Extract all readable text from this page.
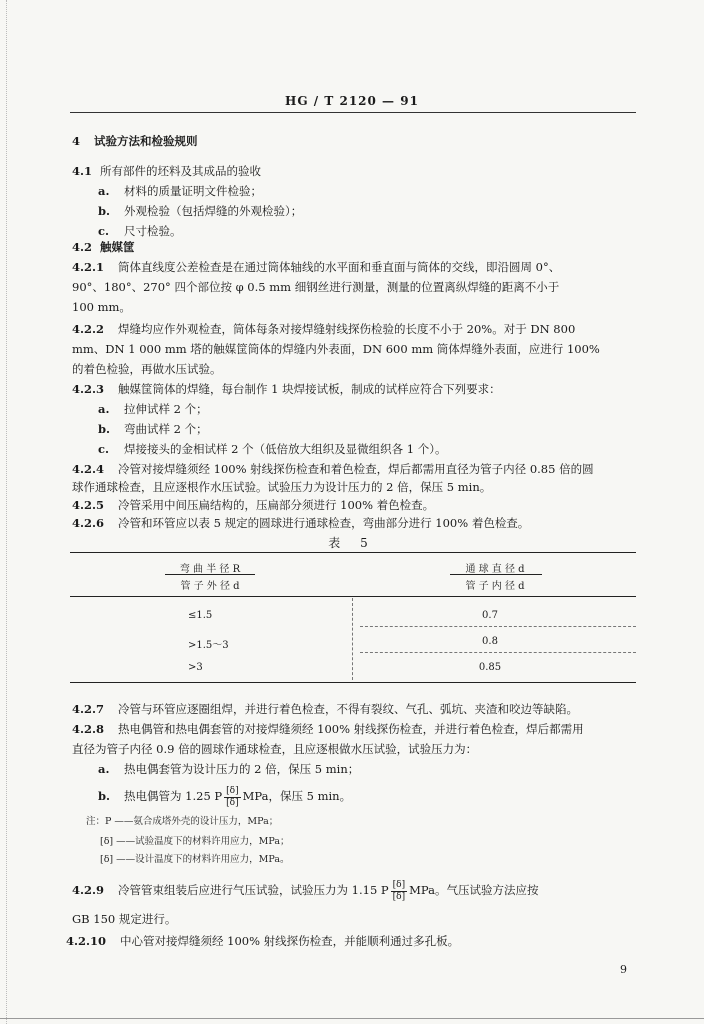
HG / T 2120 — 91
4 试验方法和检验规则
4.1 所有部件的坯料及其成品的验收
a. 材料的质量证明文件检验；
b. 外观检验（包括焊缝的外观检验）；
c. 尺寸检验。
4.2 触媒筐
4.2.1 筒体直线度公差检查是在通过筒体轴线的水平面和垂直面与筒体的交线，即沿圆周 0°、
90°、180°、270° 四个部位按 φ 0.5 mm 细钢丝进行测量，测量的位置离纵焊缝的距离不小于
100 mm。
4.2.2 焊缝均应作外观检查，筒体每条对接焊缝射线探伤检验的长度不小于 20%。对于 DN 800
mm、DN 1 000 mm 塔的触媒筐筒体的焊缝内外表面，DN 600 mm 筒体焊缝外表面，应进行 100%
的着色检验，再做水压试验。
4.2.3 触媒筐筒体的焊缝，每台制作 1 块焊接试板，制成的试样应符合下列要求：
a. 拉伸试样 2 个；
b. 弯曲试样 2 个；
c. 焊接接头的金相试样 2 个（低倍放大组织及显微组织各 1 个）。
4.2.4 冷管对接焊缝须经 100% 射线探伤检查和着色检查，焊后都需用直径为管子内径 0.85 倍的圆
球作通球检查，且应逐根作水压试验。试验压力为设计压力的 2 倍，保压 5 min。
4.2.5 冷管采用中间压扁结构的，压扁部分须进行 100% 着色检查。
4.2.6 冷管和环管应以表 5 规定的圆球进行通球检查，弯曲部分进行 100% 着色检查。
表 5
弯 曲 半 径 R
管 子 外 径 d
通 球 直 径 d
管 子 内 径 d
≤1.5	0.7
>1.5～3	0.8
>3	0.85
4.2.7 冷管与环管应逐圈组焊，并进行着色检查，不得有裂纹、气孔、弧坑、夹渣和咬边等缺陷。
4.2.8 热电偶管和热电偶套管的对接焊缝须经 100% 射线探伤检查，并进行着色检查，焊后都需用
直径为管子内径 0.9 倍的圆球作通球检查，且应逐根做水压试验，试验压力为：
a. 热电偶套管为设计压力的 2 倍，保压 5 min；
b. 热电偶管为 1.25 P $\frac{[\delta]}{[\delta]}$ MPa，保压 5 min。
注：P ——氨合成塔外壳的设计压力，MPa；
[δ] ——试验温度下的材料许用应力，MPa；
[δ] ——设计温度下的材料许用应力，MPa。
4.2.9 冷管管束组装后应进行气压试验，试验压力为 1.15 P $\frac{[\delta]}{[\delta]}$ MPa。气压试验方法应按
GB 150 规定进行。
4.2.10 中心管对接焊缝须经 100% 射线探伤检查，并能顺利通过多孔板。
9
